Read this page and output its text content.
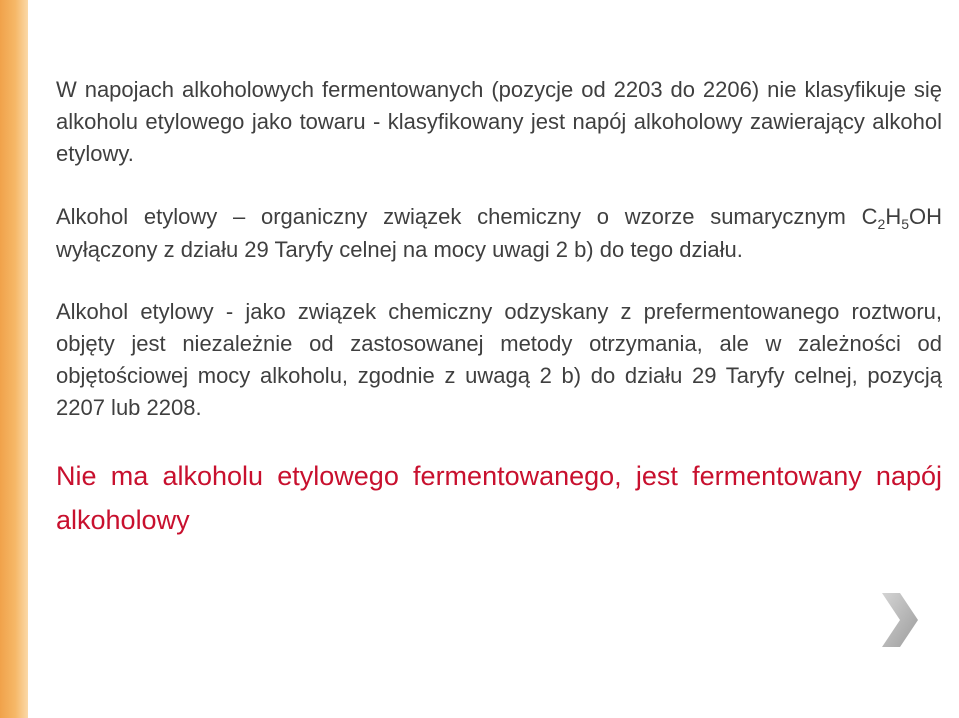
W napojach alkoholowych fermentowanych (pozycje od 2203 do 2206) nie klasyfikuje się alkoholu etylowego jako towaru - klasyfikowany jest napój alkoholowy zawierający alkohol etylowy.
Alkohol etylowy – organiczny związek chemiczny o wzorze sumarycznym $C_2H_5OH$ wyłączony z działu 29 Taryfy celnej na mocy uwagi 2 b) do tego działu.
Alkohol etylowy - jako związek chemiczny odzyskany z prefermentowanego roztworu, objęty jest niezależnie od zastosowanej metody otrzymania, ale w zależności od objętościowej mocy alkoholu, zgodnie z uwagą 2 b) do działu 29 Taryfy celnej, pozycją 2207 lub 2208.
Nie ma alkoholu etylowego fermentowanego, jest fermentowany napój alkoholowy
